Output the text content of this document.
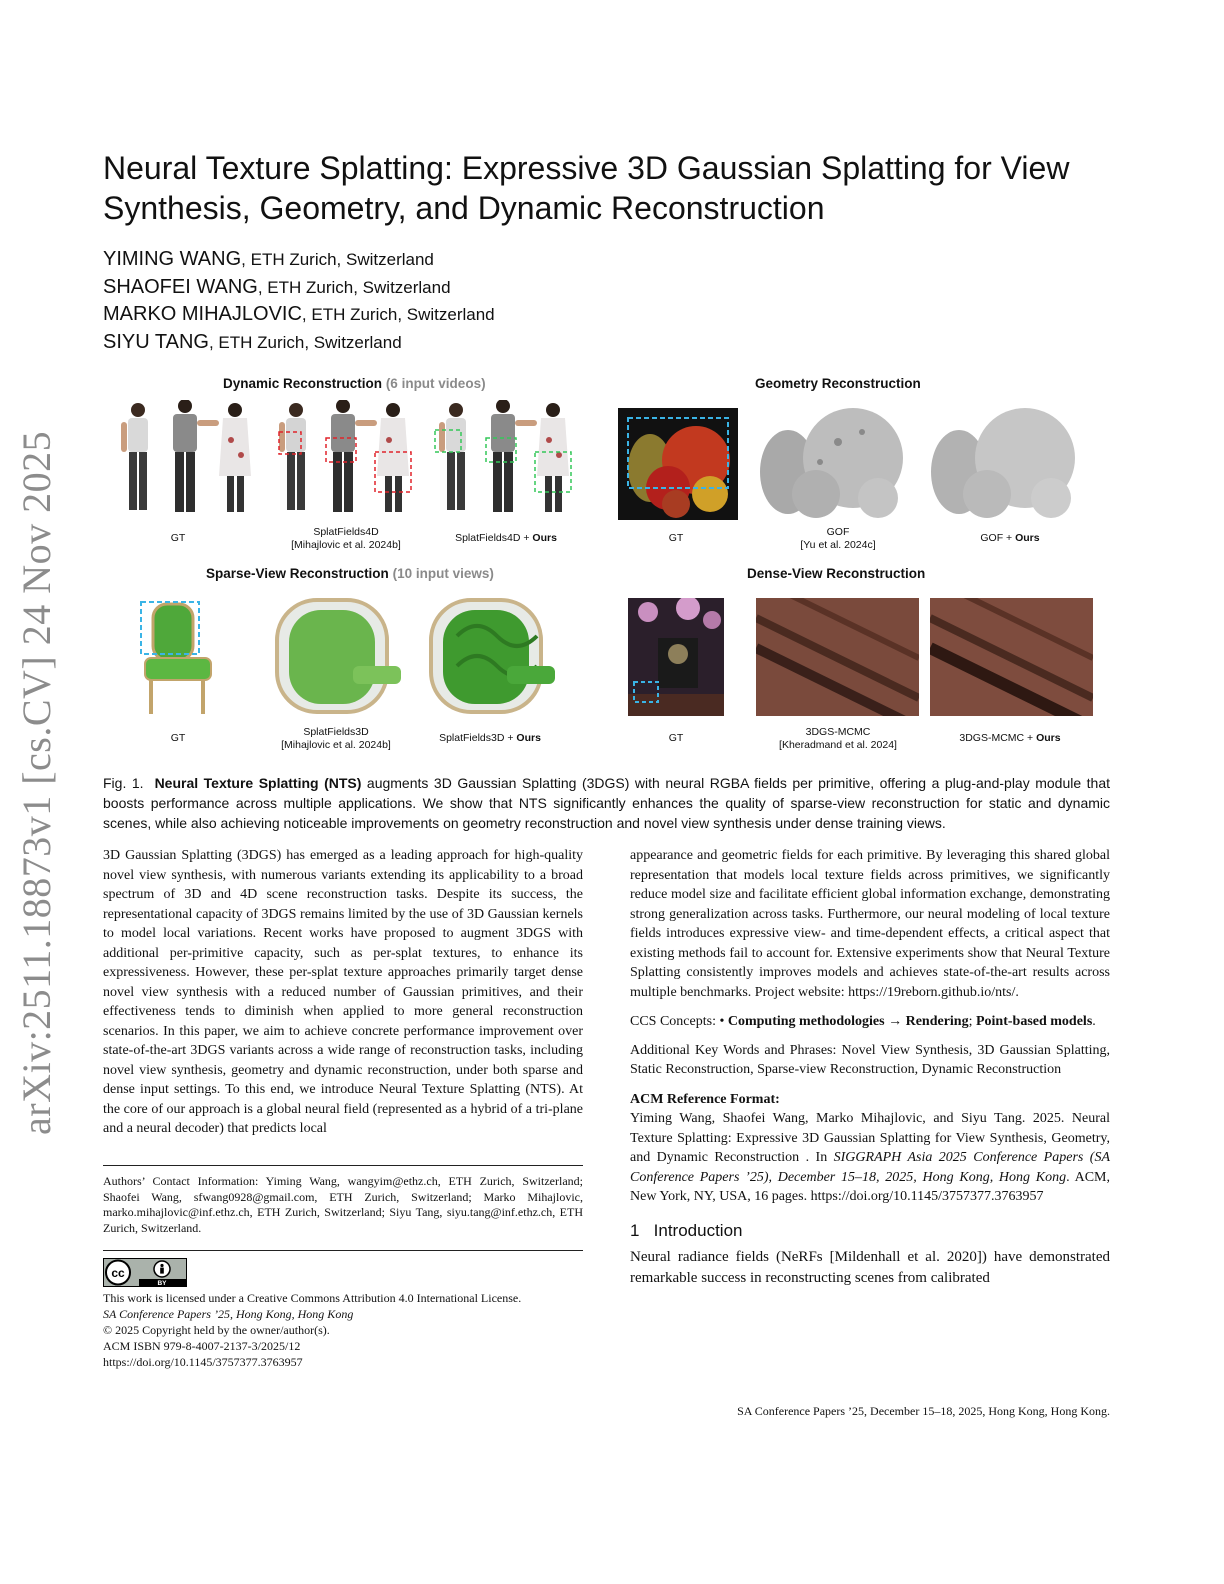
arXiv:2511.18873v1 [cs.CV] 24 Nov 2025
Neural Texture Splatting: Expressive 3D Gaussian Splatting for View Synthesis, Geometry, and Dynamic Reconstruction
YIMING WANG, ETH Zurich, Switzerland
SHAOFEI WANG, ETH Zurich, Switzerland
MARKO MIHAJLOVIC, ETH Zurich, Switzerland
SIYU TANG, ETH Zurich, Switzerland
Dynamic Reconstruction (6 input videos)
GT	SplatFields4D
[Mihajlovic et al. 2024b]
SplatFields4D + Ours
Geometry Reconstruction
GT	GOF
[Yu et al. 2024c]
GOF + Ours
Sparse-View Reconstruction (10 input views)
GT	SplatFields3D
[Mihajlovic et al. 2024b]
SplatFields3D + Ours
Dense-View Reconstruction
GT	3DGS-MCMC
[Kheradmand et al. 2024]
3DGS-MCMC + Ours
Fig. 1. Neural Texture Splatting (NTS) augments 3D Gaussian Splatting (3DGS) with neural RGBA fields per primitive, offering a plug-and-play module that boosts performance across multiple applications. We show that NTS significantly enhances the quality of sparse-view reconstruction for static and dynamic scenes, while also achieving noticeable improvements on geometry reconstruction and novel view synthesis under dense training views.

3D Gaussian Splatting (3DGS) has emerged as a leading approach for high-quality novel view synthesis, with numerous variants extending its applicability to a broad spectrum of 3D and 4D scene reconstruction tasks. Despite its success, the representational capacity of 3DGS remains limited by the use of 3D Gaussian kernels to model local variations. Recent works have proposed to augment 3DGS with additional per-primitive capacity, such as per-splat textures, to enhance its expressiveness. However, these per-splat texture approaches primarily target dense novel view synthesis with a reduced number of Gaussian primitives, and their effectiveness tends to diminish when applied to more general reconstruction scenarios. In this paper, we aim to achieve concrete performance improvement over state-of-the-art 3DGS variants across a wide range of reconstruction tasks, including novel view synthesis, geometry and dynamic reconstruction, under both sparse and dense input settings. To this end, we introduce Neural Texture Splatting (NTS). At the core of our approach is a global neural field (represented as a hybrid of a tri-plane and a neural decoder) that predicts local

Authors’ Contact Information: Yiming Wang, wangyim@ethz.ch, ETH Zurich, Switzerland; Shaofei Wang, sfwang0928@gmail.com, ETH Zurich, Switzerland; Marko Mihajlovic, marko.mihajlovic@inf.ethz.ch, ETH Zurich, Switzerland; Siyu Tang, siyu.tang@inf.ethz.ch, ETH Zurich, Switzerland.
cc
BY
This work is licensed under a Creative Commons Attribution 4.0 International License.
SA Conference Papers ’25, Hong Kong, Hong Kong
© 2025 Copyright held by the owner/author(s).
ACM ISBN 979-8-4007-2137-3/2025/12
https://doi.org/10.1145/3757377.3763957

appearance and geometric fields for each primitive. By leveraging this shared global representation that models local texture fields across primitives, we significantly reduce model size and facilitate efficient global information exchange, demonstrating strong generalization across tasks. Furthermore, our neural modeling of local texture fields introduces expressive view- and time-dependent effects, a critical aspect that existing methods fail to account for. Extensive experiments show that Neural Texture Splatting consistently improves models and achieves state-of-the-art results across multiple benchmarks. Project website: https://19reborn.github.io/nts/.

CCS Concepts: • Computing methodologies → Rendering; Point-based models.

Additional Key Words and Phrases: Novel View Synthesis, 3D Gaussian Splatting, Static Reconstruction, Sparse-view Reconstruction, Dynamic Reconstruction

ACM Reference Format:

Yiming Wang, Shaofei Wang, Marko Mihajlovic, and Siyu Tang. 2025. Neural Texture Splatting: Expressive 3D Gaussian Splatting for View Synthesis, Geometry, and Dynamic Reconstruction . In SIGGRAPH Asia 2025 Conference Papers (SA Conference Papers ’25), December 15–18, 2025, Hong Kong, Hong Kong. ACM, New York, NY, USA, 16 pages. https://doi.org/10.1145/3757377.3763957

1 Introduction

Neural radiance fields (NeRFs [Mildenhall et al. 2020]) have demonstrated remarkable success in reconstructing scenes from calibrated

SA Conference Papers ’25, December 15–18, 2025, Hong Kong, Hong Kong.
